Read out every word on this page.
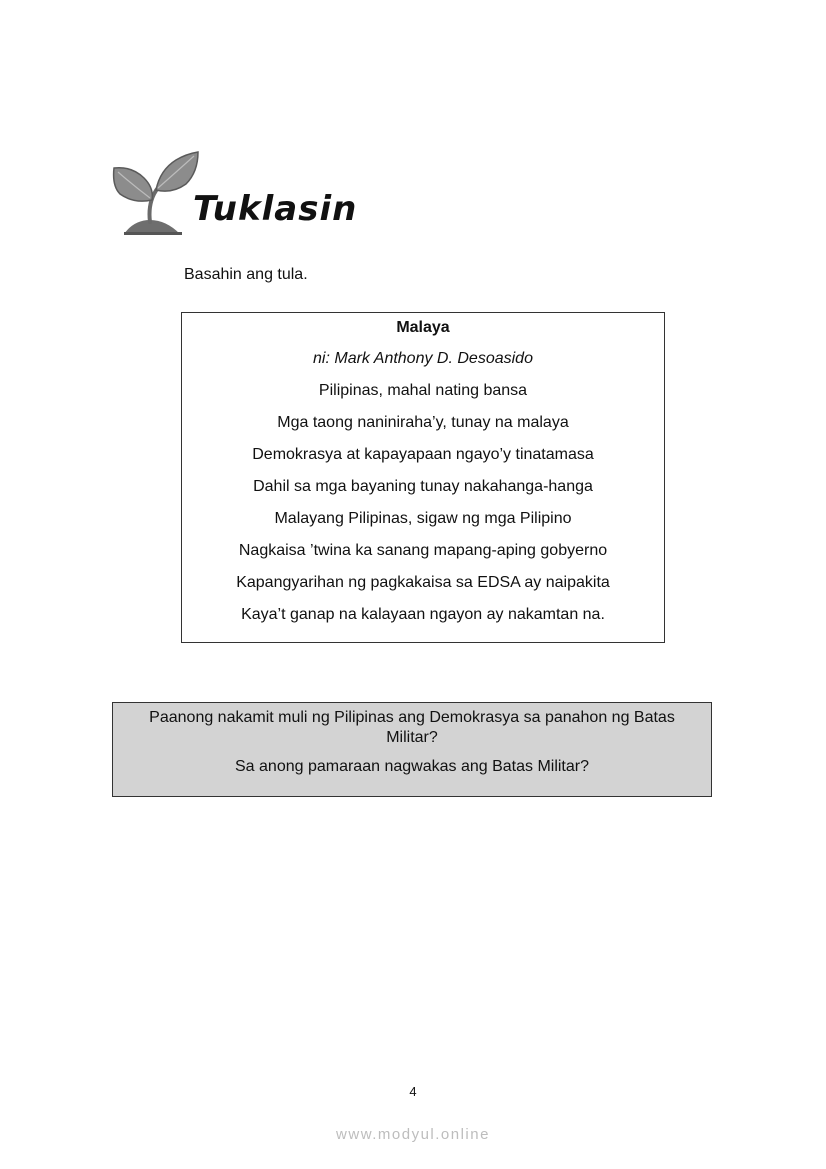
Tuklasin
Basahin ang tula.
Malaya
ni: Mark Anthony D. Desoasido
Pilipinas, mahal nating bansa
Mga taong naniniraha’y, tunay na malaya
Demokrasya at kapayapaan ngayo’y tinatamasa
Dahil sa mga bayaning tunay nakahanga-hanga
Malayang Pilipinas, sigaw ng mga Pilipino
Nagkaisa ’twina ka sanang mapang-aping gobyerno
Kapangyarihan ng pagkakaisa sa EDSA ay naipakita
Kaya’t ganap na kalayaan ngayon ay nakamtan na.

Paanong nakamit muli ng Pilipinas ang Demokrasya sa panahon ng Batas Militar?

Sa anong pamaraan nagwakas ang Batas Militar?

4
www.modyul.online
